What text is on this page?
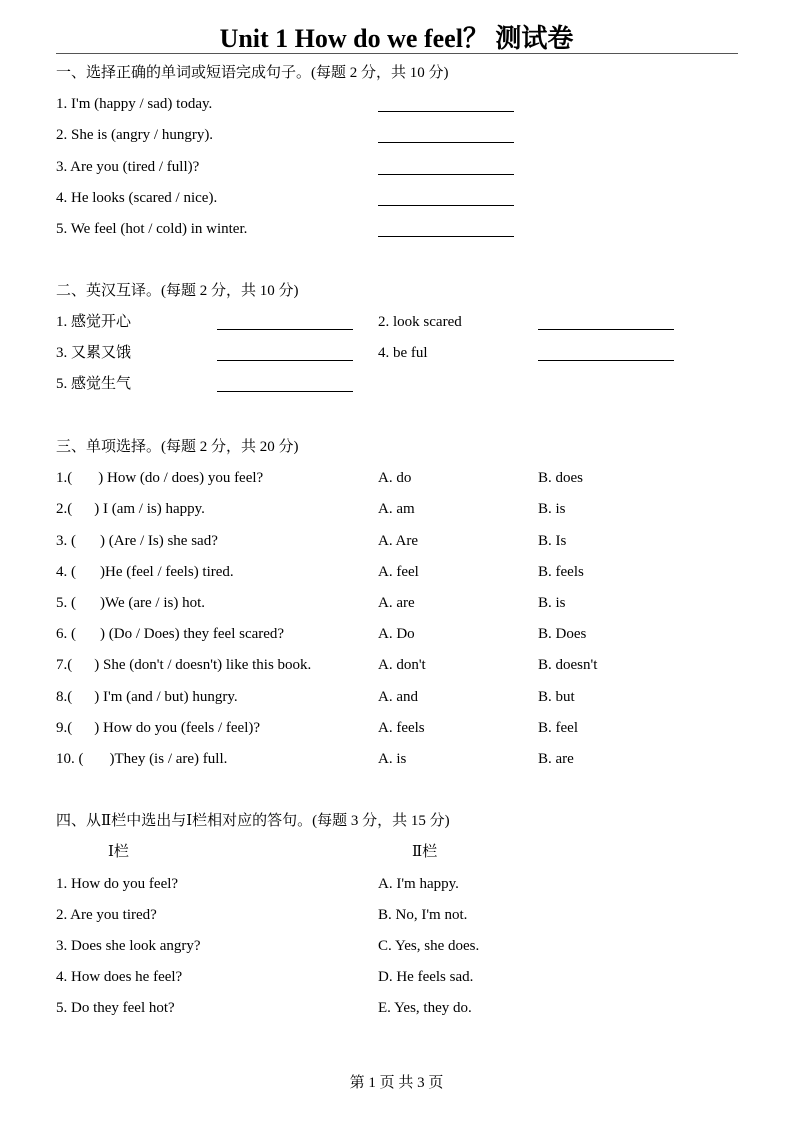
Unit 1 How do we feel？ 测试卷
一、选择正确的单词或短语完成句子。(每题 2 分，共 10 分)
1. I'm (happy / sad) today.
2. She is (angry / hungry).
3. Are you (tired / full)?
4. He looks (scared / nice).
5. We feel (hot / cold) in winter.
二、英汉互译。(每题 2 分，共 10 分)
1. 感觉开心	2. look scared
3. 又累又饿	4. be ful
5. 感觉生气
三、单项选择。(每题 2 分，共 20 分)
1.( ) How (do / does) you feel?	A. do	B. does
2.( ) I (am / is) happy.	A. am	B. is
3. ( ) (Are / Is) she sad?	A. Are	B. Is
4. ( )He (feel / feels) tired.	A. feel	B. feels
5. ( )We (are / is) hot.	A. are	B. is
6. ( ) (Do / Does) they feel scared?	A. Do	B. Does
7.( ) She (don't / doesn't) like this book.	A. don't	B. doesn't
8.( ) I'm (and / but) hungry.	A. and	B. but
9.( ) How do you (feels / feel)?	A. feels	B. feel
10. ( )They (is / are) full.	A. is	B. are
四、从Ⅱ栏中选出与Ⅰ栏相对应的答句。(每题 3 分，共 15 分)
Ⅰ栏	Ⅱ栏
1. How do you feel?	A. I'm happy.
2. Are you tired?	B. No, I'm not.
3. Does she look angry?	C. Yes, she does.
4. How does he feel?	D. He feels sad.
5. Do they feel hot?	E. Yes, they do.
第 1 页 共 3 页
